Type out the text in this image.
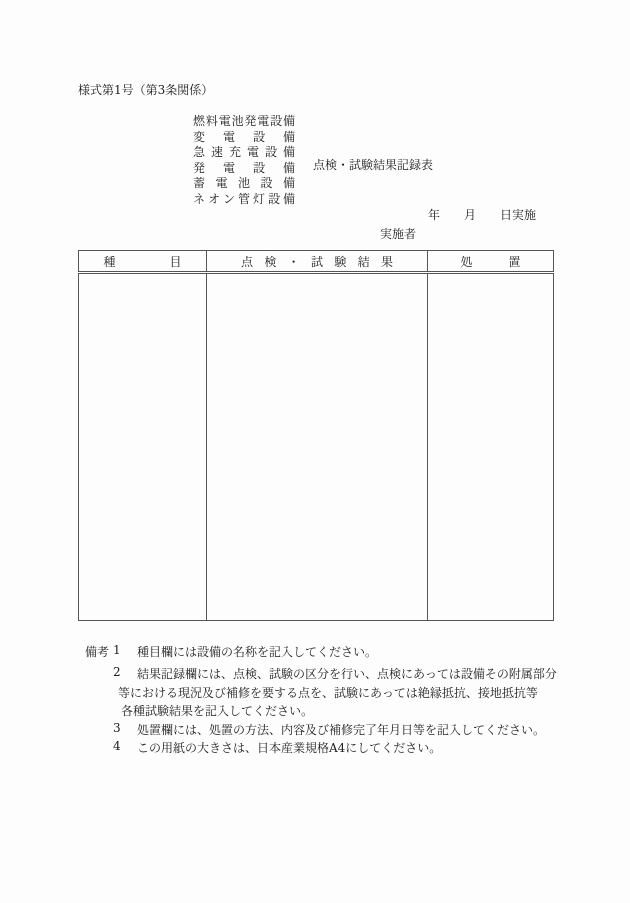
様式第1号（第3条関係）
燃料電池発電設備
変電設備
急速充電設備
発電設備
蓄電池設備
ネオン管灯設備
点検・試験結果記録表
年　　月　　日実施
実施者
種目	点検・試験結果	処置

備考 1 種目欄には設備の名称を記入してください。
2 結果記録欄には、点検、試験の区分を行い、点検にあっては設備その附属部分
等における現況及び補修を要する点を、試験にあっては絶縁抵抗、接地抵抗等
各種試験結果を記入してください。
3 処置欄には、処置の方法、内容及び補修完了年月日等を記入してください。
4 この用紙の大きさは、日本産業規格A4にしてください。
